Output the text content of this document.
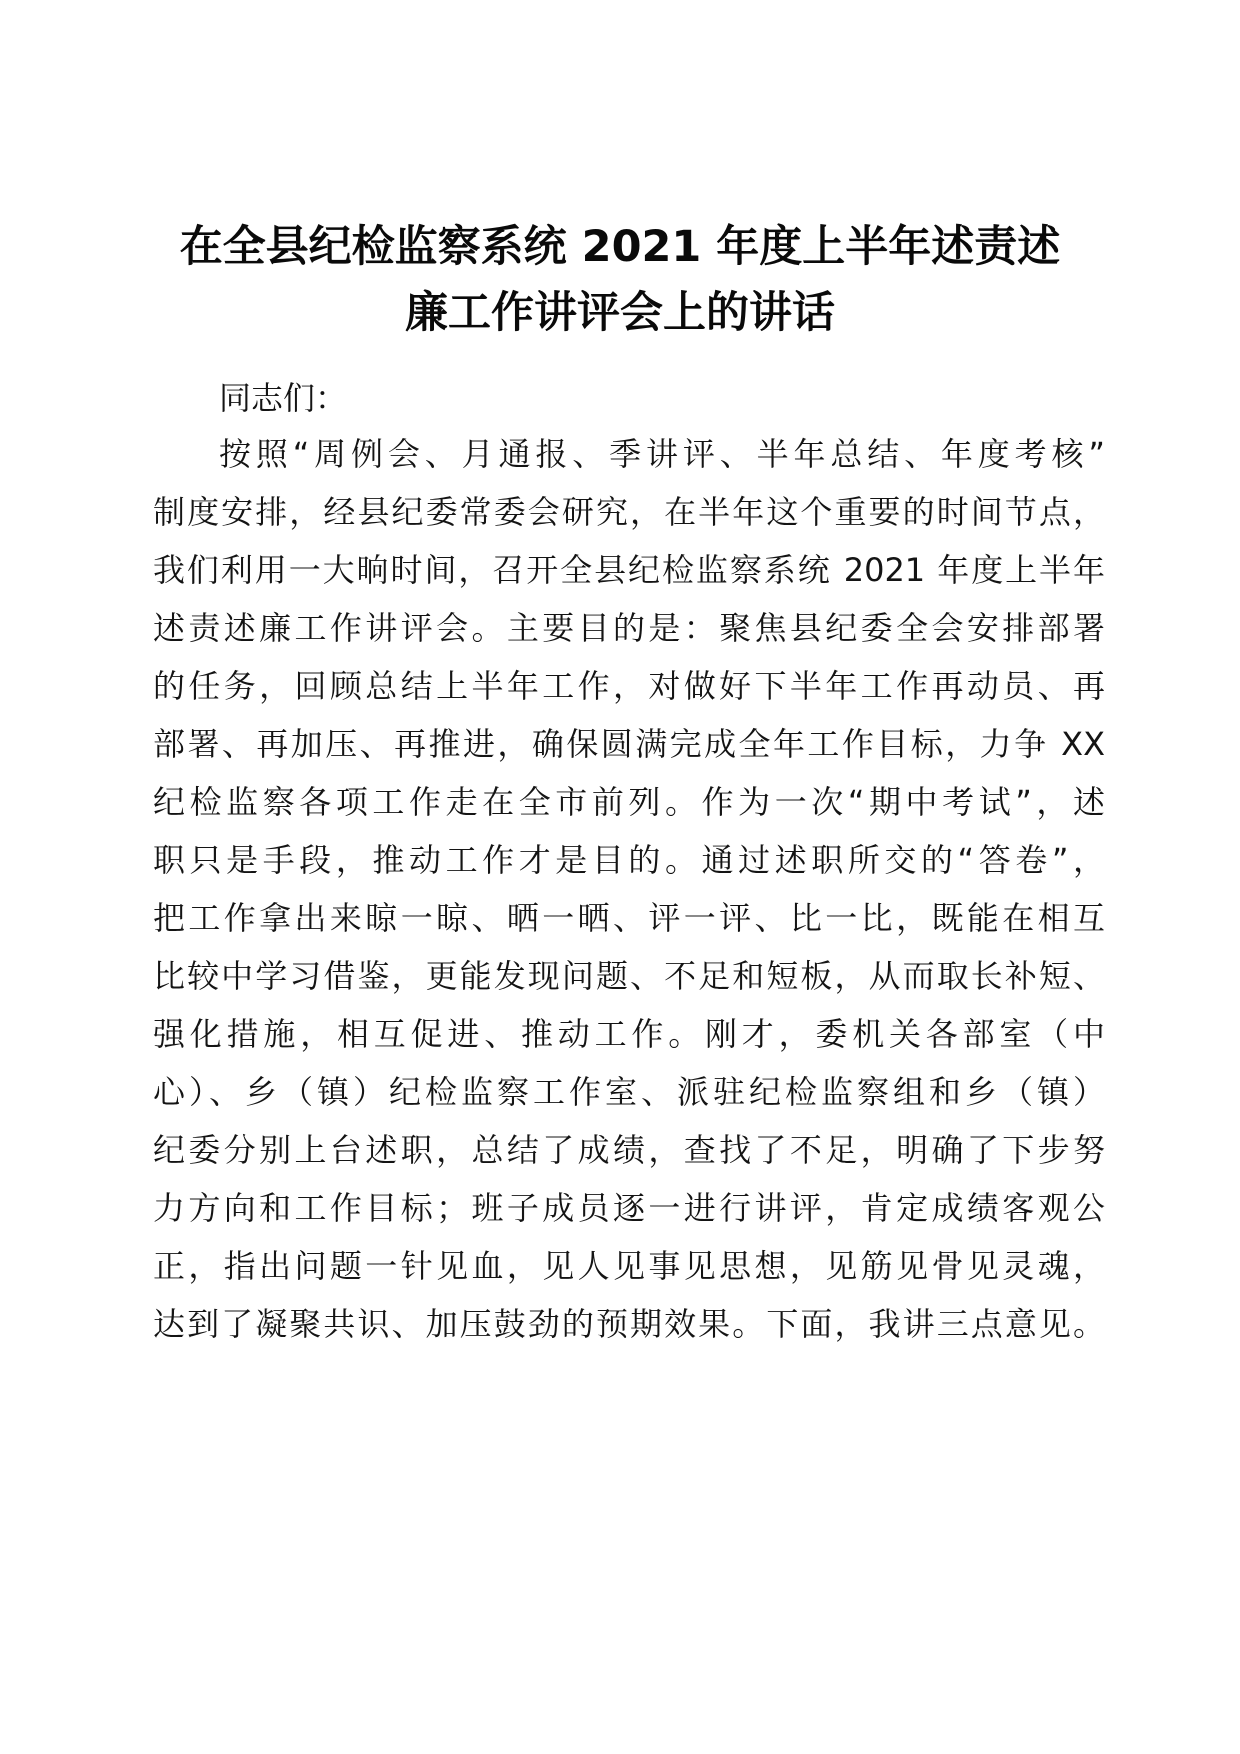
在全县纪检监察系统 2021 年度上半年述责述
廉工作讲评会上的讲话
同志们：
按照“周例会、月通报、季讲评、半年总结、年度考核”
制度安排，经县纪委常委会研究，在半年这个重要的时间节点，
我们利用一大晌时间，召开全县纪检监察系统 2021 年度上半年
述责述廉工作讲评会。主要目的是：聚焦县纪委全会安排部署
的任务，回顾总结上半年工作，对做好下半年工作再动员、再
部署、再加压、再推进，确保圆满完成全年工作目标，力争 XX
纪检监察各项工作走在全市前列。作为一次“期中考试”，述
职只是手段，推动工作才是目的。通过述职所交的“答卷”，
把工作拿出来晾一晾、晒一晒、评一评、比一比，既能在相互
比较中学习借鉴，更能发现问题、不足和短板，从而取长补短、
强化措施，相互促进、推动工作。刚才，委机关各部室（中
心）、乡（镇）纪检监察工作室、派驻纪检监察组和乡（镇）
纪委分别上台述职，总结了成绩，查找了不足，明确了下步努
力方向和工作目标；班子成员逐一进行讲评，肯定成绩客观公
正，指出问题一针见血，见人见事见思想，见筋见骨见灵魂，
达到了凝聚共识、加压鼓劲的预期效果。下面，我讲三点意见。
